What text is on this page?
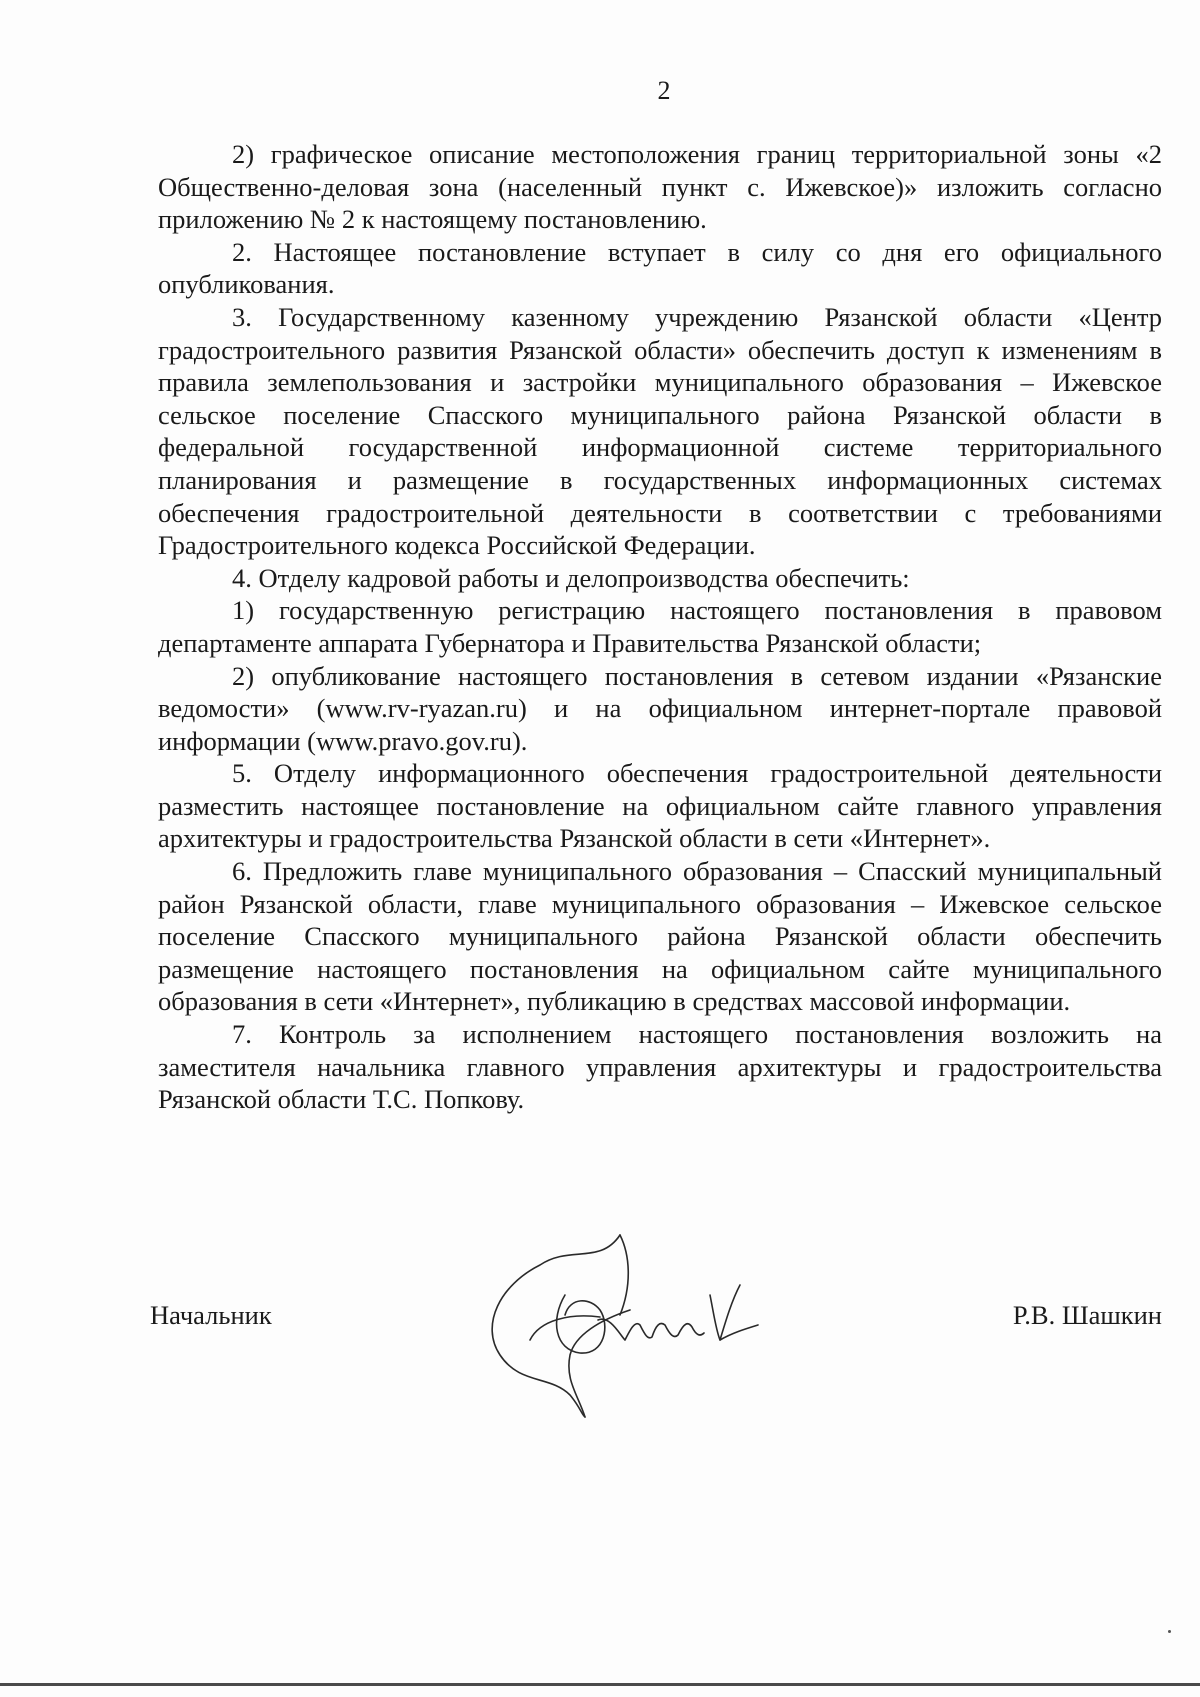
2

2) графическое описание местоположения границ территориальной зоны «2 Общественно-деловая зона (населенный пункт с. Ижевское)» изложить согласно приложению № 2 к настоящему постановлению.

2. Настоящее постановление вступает в силу со дня его официального опубликования.

3. Государственному казенному учреждению Рязанской области «Центр градостроительного развития Рязанской области» обеспечить доступ к изменениям в правила землепользования и застройки муниципального образования – Ижевское сельское поселение Спасского муниципального района Рязанской области в федеральной государственной информационной системе территориального планирования и размещение в государственных информационных системах обеспечения градостроительной деятельности в соответствии с требованиями Градостроительного кодекса Российской Федерации.

4. Отделу кадровой работы и делопроизводства обеспечить:

1) государственную регистрацию настоящего постановления в правовом департаменте аппарата Губернатора и Правительства Рязанской области;

2) опубликование настоящего постановления в сетевом издании «Рязанские ведомости» (www.rv-ryazan.ru) и на официальном интернет-портале правовой информации (www.pravo.gov.ru).

5. Отделу информационного обеспечения градостроительной деятельности разместить настоящее постановление на официальном сайте главного управления архитектуры и градостроительства Рязанской области в сети «Интернет».

6. Предложить главе муниципального образования – Спасский муниципальный район Рязанской области, главе муниципального образования – Ижевское сельское поселение Спасского муниципального района Рязанской области обеспечить размещение настоящего постановления на официальном сайте муниципального образования в сети «Интернет», публикацию в средствах массовой информации.

7. Контроль за исполнением настоящего постановления возложить на заместителя начальника главного управления архитектуры и градостроительства Рязанской области Т.С. Попкову.

Начальник	Р.В. Шашкин
